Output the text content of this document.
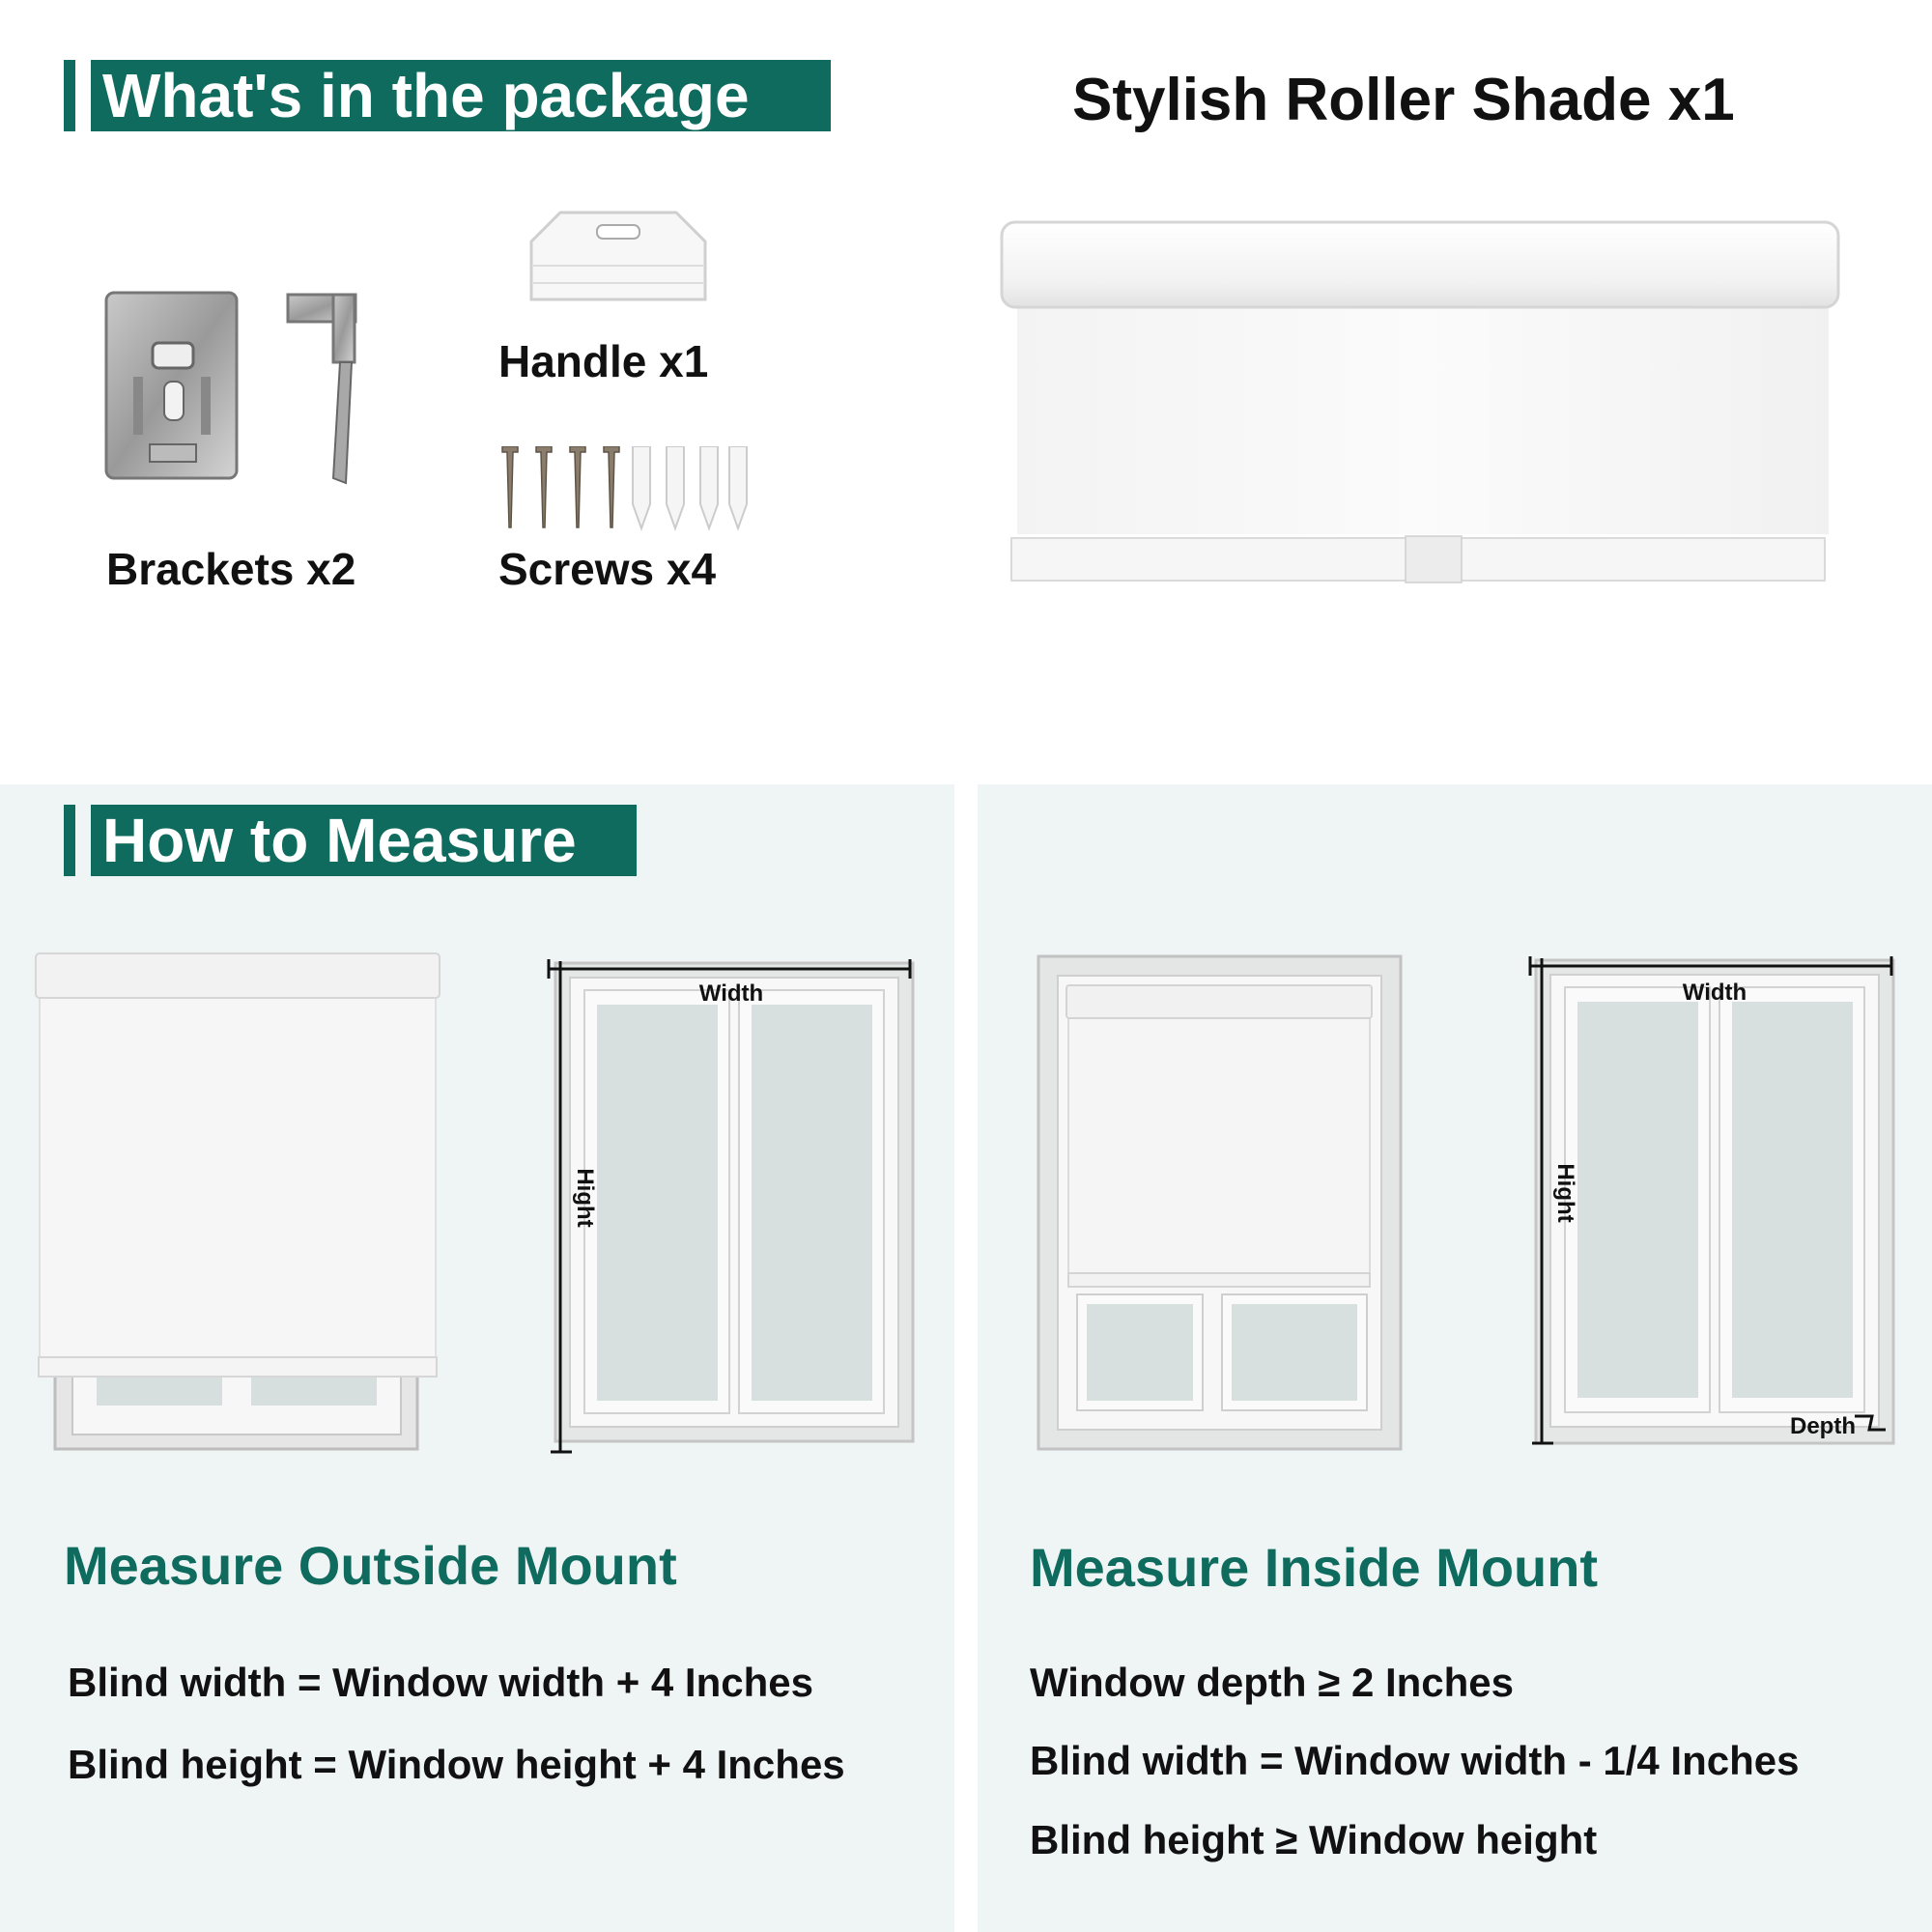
What's in the package	Stylish Roller Shade x1
Brackets x2
Handle x1
Screws x4
How to Measure
Width
Hight
Width
Hight
Depth
Measure Outside Mount
Blind width = Window width + 4 Inches
Blind height = Window height + 4 Inches
Measure Inside Mount
Window depth ≥ 2 Inches
Blind width = Window width - 1/4 Inches
Blind height ≥ Window height
